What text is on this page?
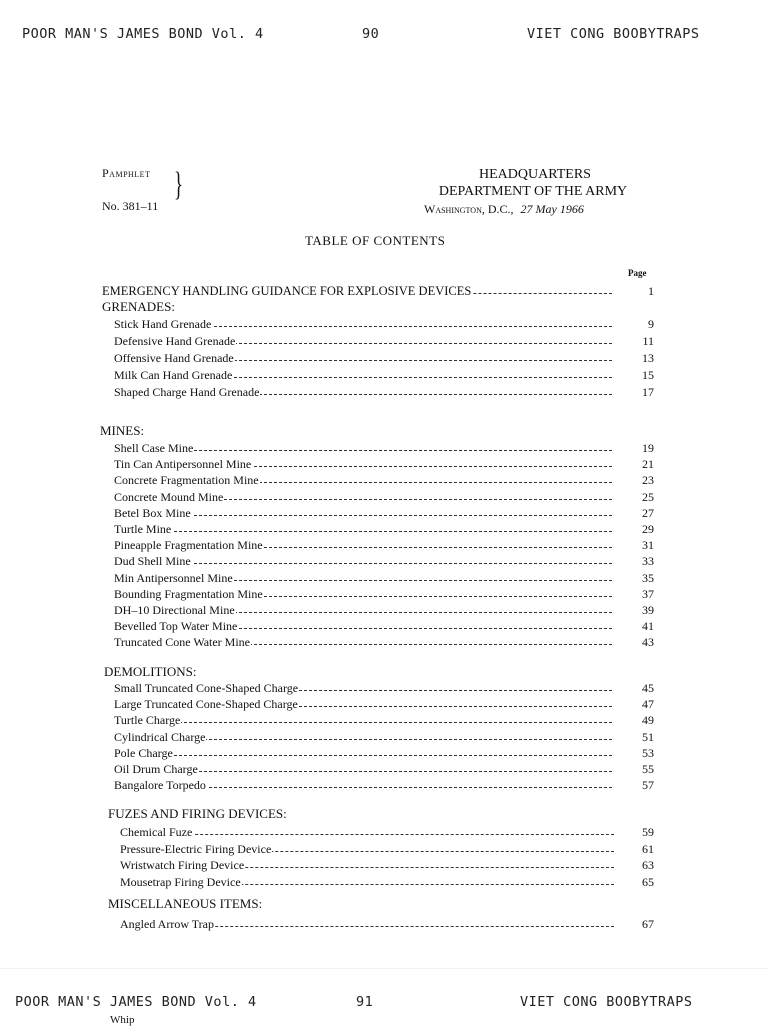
POOR MAN'S JAMES BOND Vol. 4	90	VIET CONG BOOBYTRAPS
Pamphlet
No. 381–11
}	HEADQUARTERS
DEPARTMENT OF THE ARMY
Washington, D.C., 27 May 1966
TABLE OF CONTENTS
Page
EMERGENCY HANDLING GUIDANCE FOR EXPLOSIVE DEVICES	1
GRENADES:
Stick Hand Grenade	9
Defensive Hand Grenade	11
Offensive Hand Grenade	13
Milk Can Hand Grenade	15
Shaped Charge Hand Grenade	17
MINES:
Shell Case Mine	19
Tin Can Antipersonnel Mine	21
Concrete Fragmentation Mine	23
Concrete Mound Mine	25
Betel Box Mine	27
Turtle Mine	29
Pineapple Fragmentation Mine	31
Dud Shell Mine	33
Min Antipersonnel Mine	35
Bounding Fragmentation Mine	37
DH–10 Directional Mine	39
Bevelled Top Water Mine	41
Truncated Cone Water Mine	43
DEMOLITIONS:
Small Truncated Cone-Shaped Charge	45
Large Truncated Cone-Shaped Charge	47
Turtle Charge	49
Cylindrical Charge	51
Pole Charge	53
Oil Drum Charge	55
Bangalore Torpedo	57
FUZES AND FIRING DEVICES:
Chemical Fuze	59
Pressure-Electric Firing Device	61
Wristwatch Firing Device	63
Mousetrap Firing Device	65
MISCELLANEOUS ITEMS:
Angled Arrow Trap	67
POOR MAN'S JAMES BOND Vol. 4	91	VIET CONG BOOBYTRAPS
Whip
